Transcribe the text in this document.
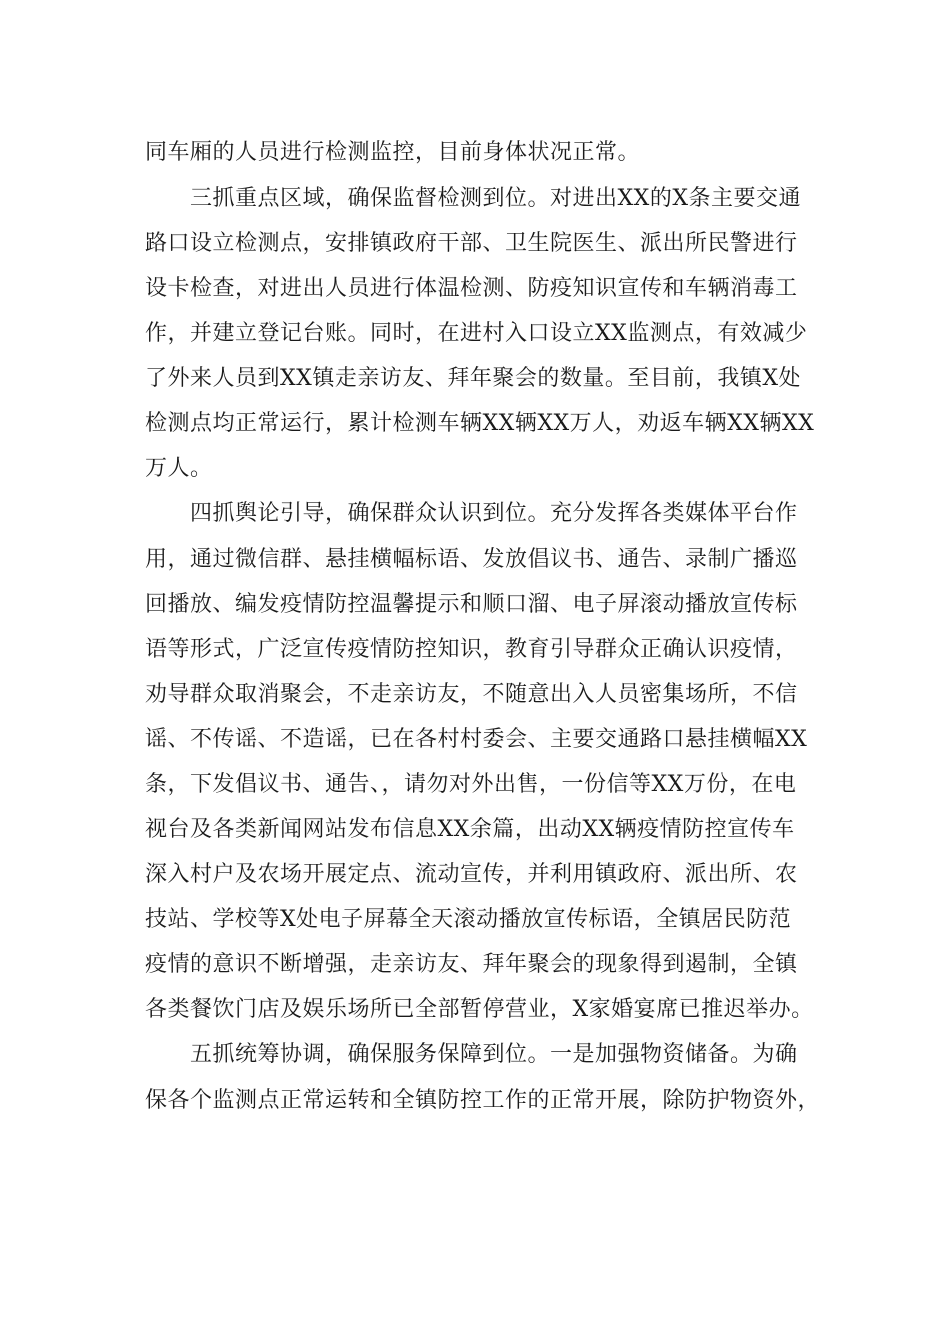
同车厢的人员进行检测监控，目前身体状况正常。
三抓重点区域，确保监督检测到位。对进出XX的X条主要交通
路口设立检测点，安排镇政府干部、卫生院医生、派出所民警进行
设卡检查，对进出人员进行体温检测、防疫知识宣传和车辆消毒工
作，并建立登记台账。同时，在进村入口设立XX监测点，有效减少
了外来人员到XX镇走亲访友、拜年聚会的数量。至目前，我镇X处
检测点均正常运行，累计检测车辆XX辆XX万人，劝返车辆XX辆XX
万人。
四抓舆论引导，确保群众认识到位。充分发挥各类媒体平台作
用，通过微信群、悬挂横幅标语、发放倡议书、通告、录制广播巡
回播放、编发疫情防控温馨提示和顺口溜、电子屏滚动播放宣传标
语等形式，广泛宣传疫情防控知识，教育引导群众正确认识疫情，
劝导群众取消聚会，不走亲访友，不随意出入人员密集场所，不信
谣、不传谣、不造谣，已在各村村委会、主要交通路口悬挂横幅XX
条，下发倡议书、通告、，请勿对外出售，一份信等XX万份，在电
视台及各类新闻网站发布信息XX余篇，出动XX辆疫情防控宣传车
深入村户及农场开展定点、流动宣传，并利用镇政府、派出所、农
技站、学校等X处电子屏幕全天滚动播放宣传标语，全镇居民防范
疫情的意识不断增强，走亲访友、拜年聚会的现象得到遏制，全镇
各类餐饮门店及娱乐场所已全部暂停营业，X家婚宴席已推迟举办。
五抓统筹协调，确保服务保障到位。一是加强物资储备。为确
保各个监测点正常运转和全镇防控工作的正常开展，除防护物资外，
